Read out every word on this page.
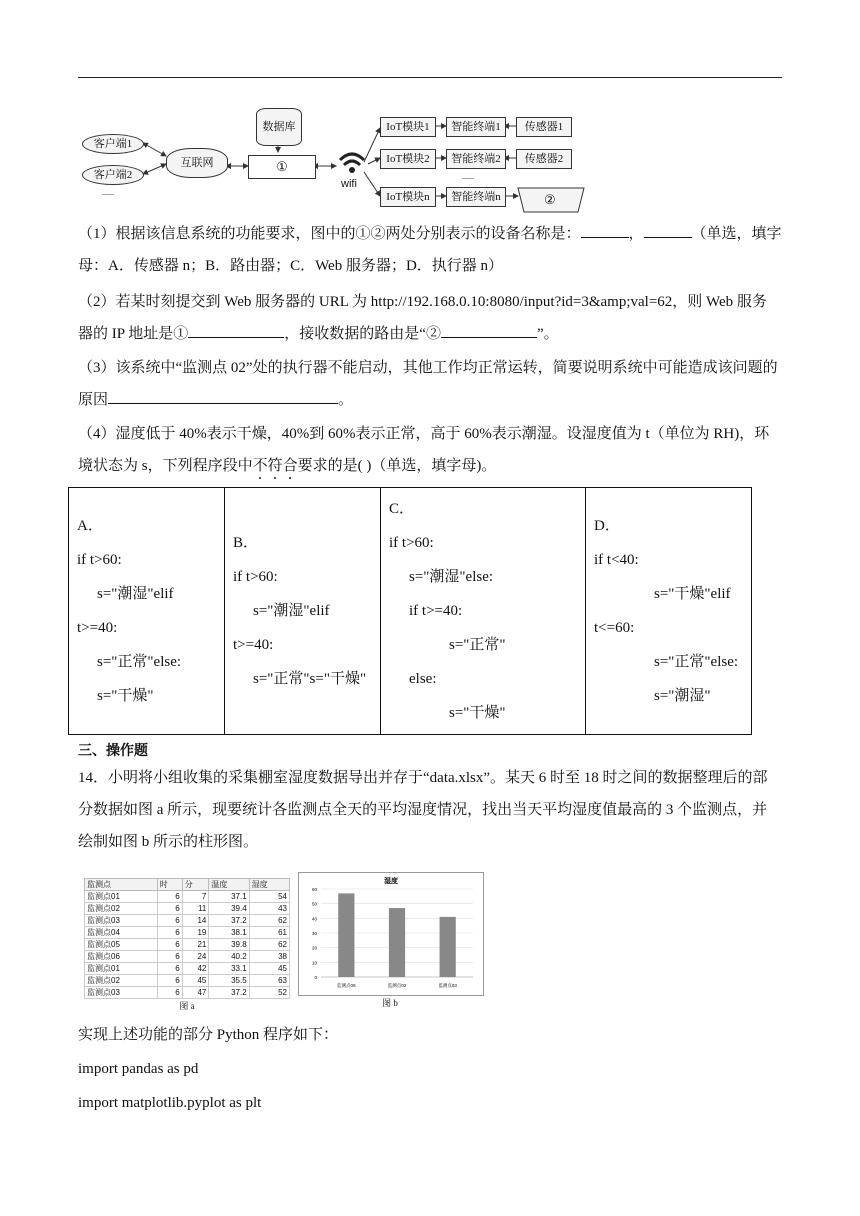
客户端1
客户端2
......
互联网
数据库
①
wifi
IoT模块1
IoT模块2
IoT模块n
智能终端1
智能终端2
智能终端n
传感器1
传感器2
......
②
（1）根据该信息系统的功能要求，图中的①②两处分别表示的设备名称是：	，	（单选，填字
母：A．传感器 n；B．路由器；C．Web 服务器；D．执行器 n）
（2）若某时刻提交到 Web 服务器的 URL 为 http://192.168.0.10:8080/input?id=3&amp;val=62，则 Web 服务
器的 IP 地址是①	，接收数据的路由是“②	”。
（3）该系统中“监测点 02”处的执行器不能启动，其他工作均正常运转，简要说明系统中可能造成该问题的
原因	。
（4）湿度低于 40%表示干燥，40%到 60%表示正常，高于 60%表示潮湿。设湿度值为 t（单位为 RH)，环
境状态为 s，下列程序段中不符合要求的是( )（单选，填字母)。
A．
if t>60:
s="潮湿"elif
t>=40:
s="正常"else:
s="干燥"

B．
if t>60:
s="潮湿"elif
t>=40:
s="正常"s="干燥"

C．
if t>60:
s="潮湿"else:
if t>=40:
s="正常"
else:
s="干燥"

D．
if t<40:
s="干燥"elif
t<=60:
s="正常"else:
s="潮湿"
三、操作题
14．小明将小组收集的采集棚室湿度数据导出并存于“data.xlsx”。某天 6 时至 18 时之间的数据整理后的部
分数据如图 a 所示，现要统计各监测点全天的平均湿度情况，找出当天平均湿度值最高的 3 个监测点，并
绘制如图 b 所示的柱形图。
监测点	时	分	温度	湿度
监测点01	6	7	37.1	54
监测点02	6	11	39.4	43
监测点03	6	14	37.2	62
监测点04	6	19	38.1	61
监测点05	6	21	39.8	62
监测点06	6	24	40.2	38
监测点01	6	42	33.1	45
监测点02	6	45	35.5	63
监测点03	6	47	37.2	52
图 a
湿度
0
10
20
30
40
50
60
监测点06	监测点02	监测点03
图 b
实现上述功能的部分 Python 程序如下：
import pandas as pd
import matplotlib.pyplot as plt
